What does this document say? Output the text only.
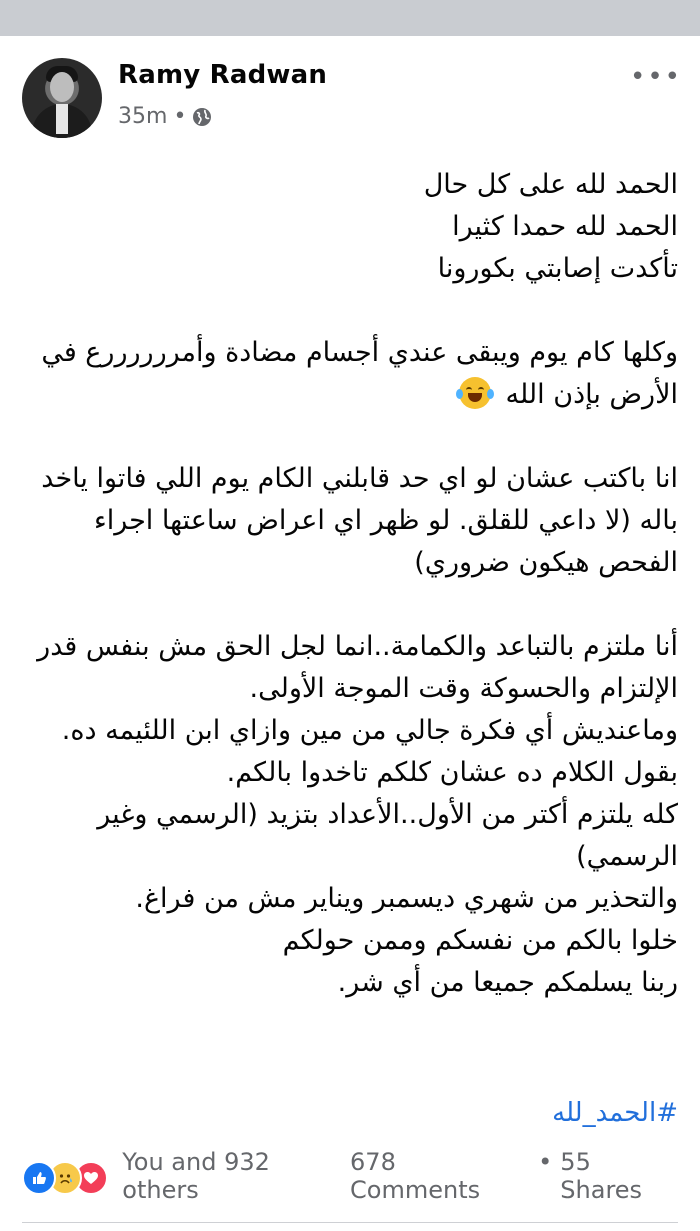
Ramy Radwan
35m •
•••

الحمد لله على كل حال

الحمد لله حمدا كثيرا

تأكدت إصابتي بكورونا

وكلها كام يوم ويبقى عندي أجسام مضادة وأمررررررع في

الأرض بإذن الله

انا باكتب عشان لو اي حد قابلني الكام يوم اللي فاتوا ياخد باله (لا داعي للقلق. لو ظهر اي اعراض ساعتها اجراء الفحص هيكون ضروري)

أنا ملتزم بالتباعد والكمامة..انما لجل الحق مش بنفس قدر الإلتزام والحسوكة وقت الموجة الأولى.

وماعنديش أي فكرة جالي من مين وازاي ابن اللئيمه ده.

بقول الكلام ده عشان كلكم تاخدوا بالكم.

كله يلتزم أكتر من الأول..الأعداد بتزيد (الرسمي وغير الرسمي)

والتحذير من شهري ديسمبر ويناير مش من فراغ.

خلوا بالكم من نفسكم وممن حولكم

ربنا يسلمكم جميعا من أي شر.

#الحمد_لله
You and 932 others
678 Comments
• 55 Shares
